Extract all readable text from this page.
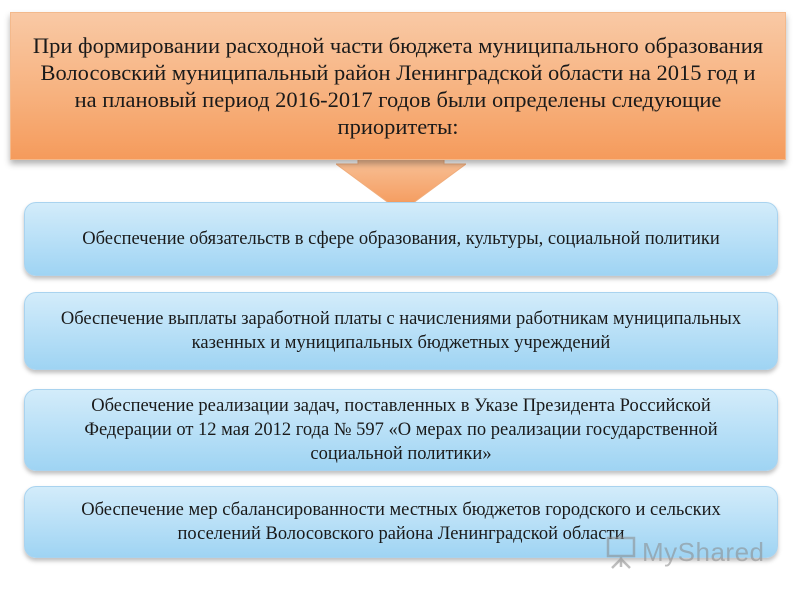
При формировании расходной части бюджета муниципального образования Волосовский муниципальный район Ленинградской области на 2015 год и на плановый период 2016-2017 годов были определены следующие приоритеты:
Обеспечение обязательств в сфере образования, культуры, социальной политики
Обеспечение выплаты заработной платы с начислениями работникам муниципальных казенных и муниципальных бюджетных учреждений
Обеспечение реализации задач, поставленных в Указе Президента Российской Федерации от 12 мая 2012 года № 597 «О мерах по реализации государственной социальной политики»
Обеспечение мер сбалансированности местных бюджетов городского и сельских поселений Волосовского района Ленинградской области
MyShared
